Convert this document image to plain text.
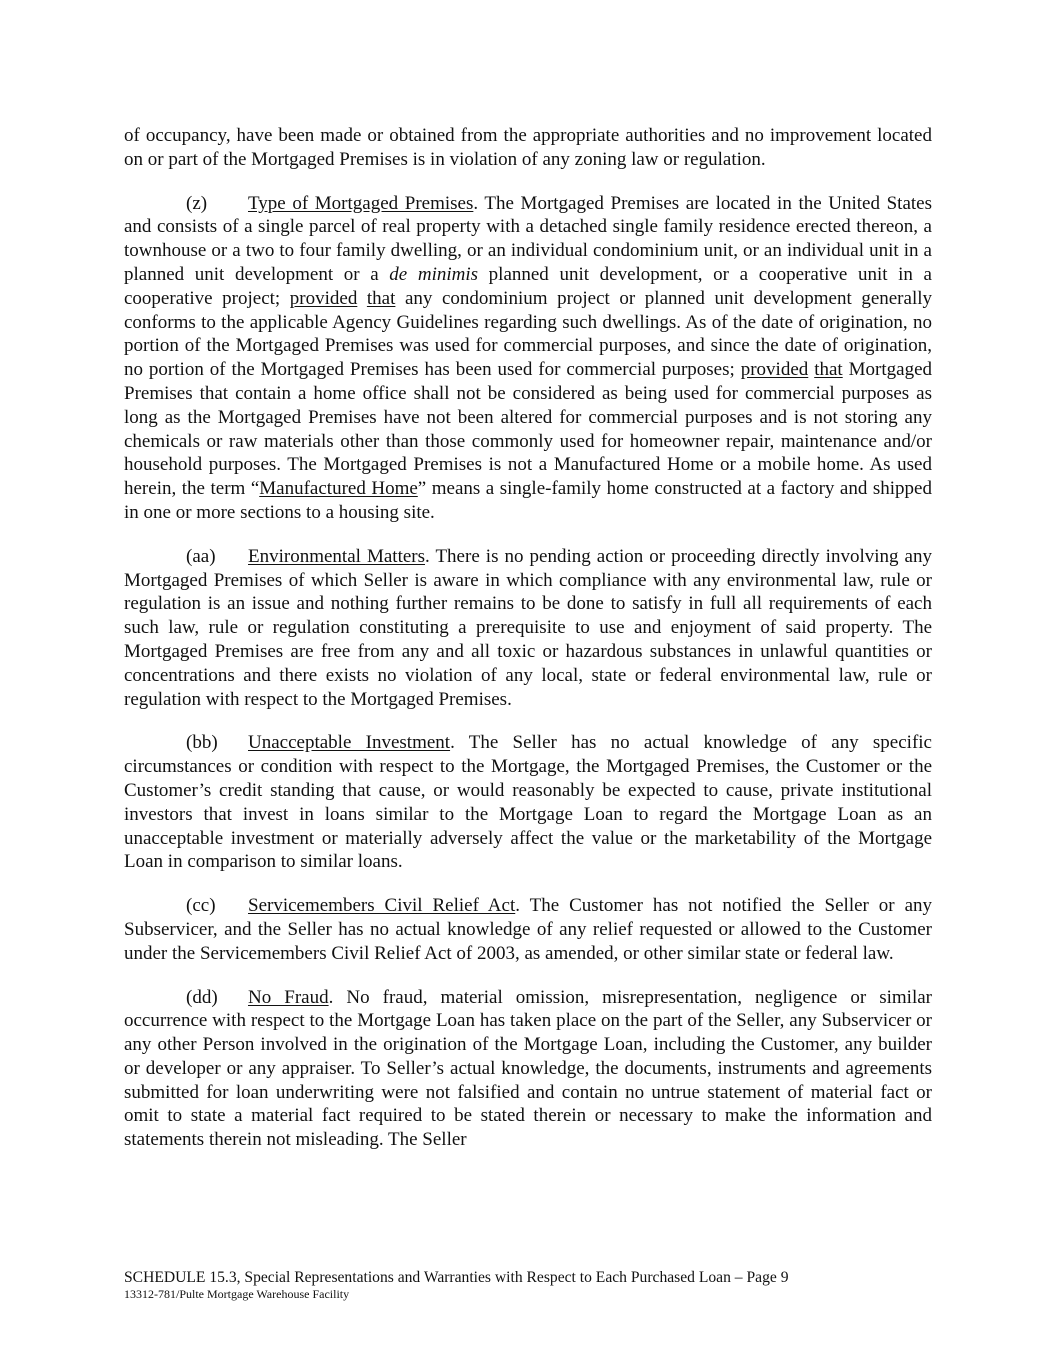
of occupancy, have been made or obtained from the appropriate authorities and no improvement located on or part of the Mortgaged Premises is in violation of any zoning law or regulation.

(z) Type of Mortgaged Premises. The Mortgaged Premises are located in the United States and consists of a single parcel of real property with a detached single family residence erected thereon, a townhouse or a two to four family dwelling, or an individual condominium unit, or an individual unit in a planned unit development or a de minimis planned unit development, or a cooperative unit in a cooperative project; provided that any condominium project or planned unit development generally conforms to the applicable Agency Guidelines regarding such dwellings. As of the date of origination, no portion of the Mortgaged Premises was used for commercial purposes, and since the date of origination, no portion of the Mortgaged Premises has been used for commercial purposes; provided that Mortgaged Premises that contain a home office shall not be considered as being used for commercial purposes as long as the Mortgaged Premises have not been altered for commercial purposes and is not storing any chemicals or raw materials other than those commonly used for homeowner repair, maintenance and/or household purposes. The Mortgaged Premises is not a Manufactured Home or a mobile home. As used herein, the term “Manufactured Home” means a single-family home constructed at a factory and shipped in one or more sections to a housing site.

(aa) Environmental Matters. There is no pending action or proceeding directly involving any Mortgaged Premises of which Seller is aware in which compliance with any environmental law, rule or regulation is an issue and nothing further remains to be done to satisfy in full all requirements of each such law, rule or regulation constituting a prerequisite to use and enjoyment of said property. The Mortgaged Premises are free from any and all toxic or hazardous substances in unlawful quantities or concentrations and there exists no violation of any local, state or federal environmental law, rule or regulation with respect to the Mortgaged Premises.

(bb) Unacceptable Investment. The Seller has no actual knowledge of any specific circumstances or condition with respect to the Mortgage, the Mortgaged Premises, the Customer or the Customer’s credit standing that cause, or would reasonably be expected to cause, private institutional investors that invest in loans similar to the Mortgage Loan to regard the Mortgage Loan as an unacceptable investment or materially adversely affect the value or the marketability of the Mortgage Loan in comparison to similar loans.

(cc) Servicemembers Civil Relief Act. The Customer has not notified the Seller or any Subservicer, and the Seller has no actual knowledge of any relief requested or allowed to the Customer under the Servicemembers Civil Relief Act of 2003, as amended, or other similar state or federal law.

(dd) No Fraud. No fraud, material omission, misrepresentation, negligence or similar occurrence with respect to the Mortgage Loan has taken place on the part of the Seller, any Subservicer or any other Person involved in the origination of the Mortgage Loan, including the Customer, any builder or developer or any appraiser. To Seller’s actual knowledge, the documents, instruments and agreements submitted for loan underwriting were not falsified and contain no untrue statement of material fact or omit to state a material fact required to be stated therein or necessary to make the information and statements therein not misleading. The Seller

SCHEDULE 15.3, Special Representations and Warranties with Respect to Each Purchased Loan – Page 9
13312-781/Pulte Mortgage Warehouse Facility
